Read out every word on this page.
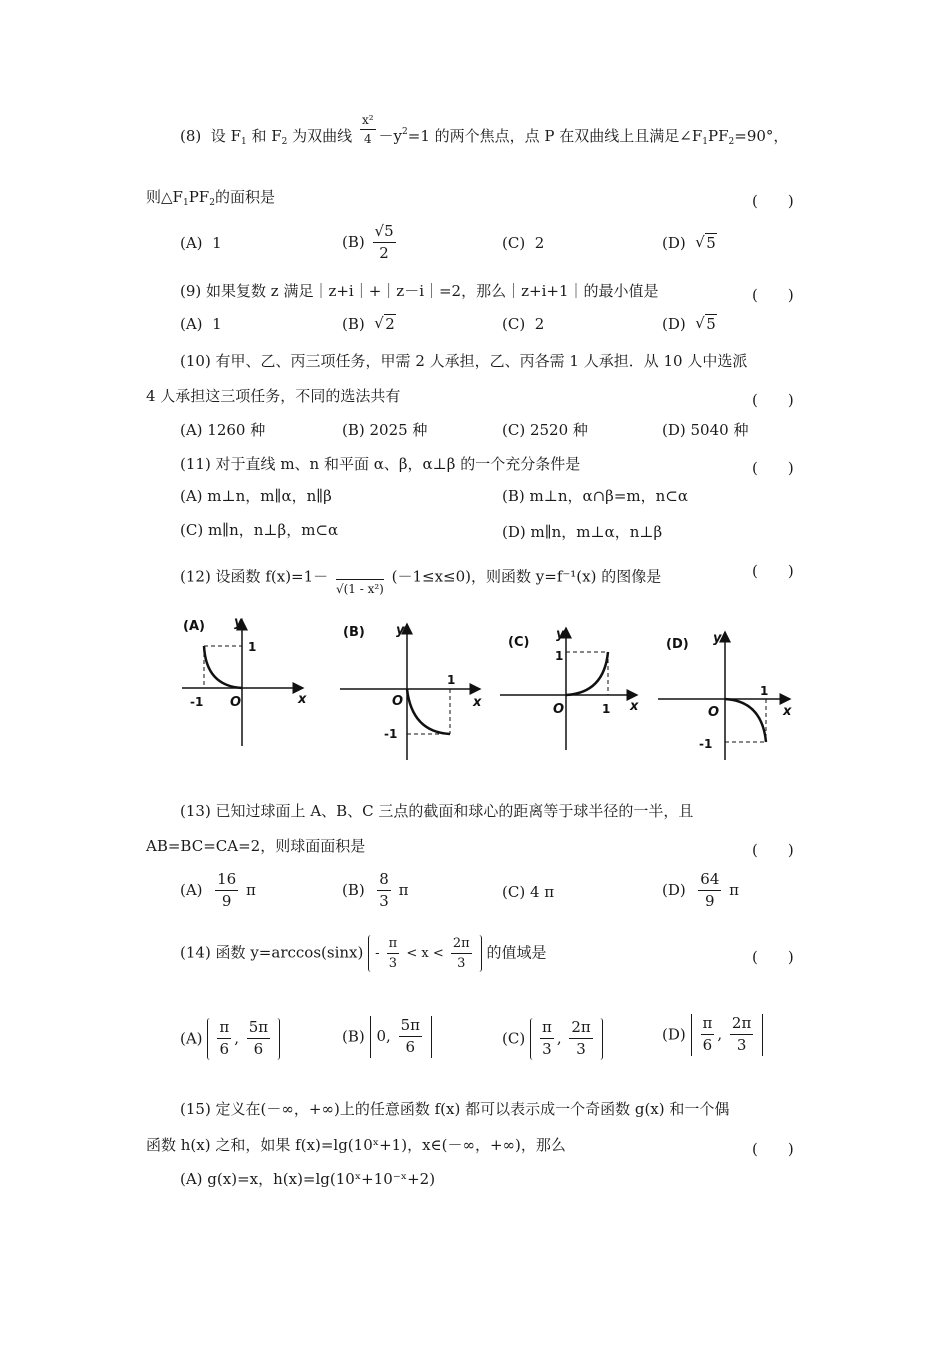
(8) 设 $F_1$ 和 $F_2$ 为双曲线 $\frac{\text{x²}}{4} -y^2=1$ 的两个焦点，点 P 在双曲线上且满足$\angle F_1PF_2=90^\circ$，
则$\triangle F_1PF_2$的面积是	(　　)
(A) 1	$(B) \frac{√5}{2}$	(C) 2	(D) √ 5
(9) 如果复数 z 满足｜z+i｜+｜z－i｜=2，那么｜z+i+1｜的最小值是	(　　)
(A) 1	(B) √ 2	(C) 2	(D) √ 5
(10) 有甲、乙、丙三项任务，甲需 2 人承担，乙、丙各需 1 人承担．从 10 人中选派
4 人承担这三项任务，不同的选法共有	(　　)
(A) 1260 种	(B) 2025 种	(C) 2520 种	(D) 5040 种
(11) 对于直线 m、n 和平面 α、β，α⊥β 的一个充分条件是	(　　)
(A) m⊥n，m∥α，n∥β	(B) m⊥n，α∩β=m，n⊂α
(C) m∥n，n⊥β，m⊂α	(D) m∥n，m⊥α，n⊥β
(12) 设函数 f(x)=1－

√(1 - x²)
(－1≤x≤0)，则函数 y=f⁻¹(x) 的图像是	(　　)
(A) y
x
O
1
-1
(B) y
x
O
1
-1
(C)
y
x
O
1
1
(D) y
x
O
1
-1
(13) 已知过球面上 A、B、C 三点的截面和球心的距离等于球半径的一半，且
AB=BC=CA=2，则球面面积是	(　　)
$(A) \frac{16}{9}$ π	$(B) \frac{8}{3}$ π	(C) 4 π	$(D) \frac{64}{9}$ π
(14) 函数 $y=\arccos(\sin x) - \frac{\pi}{3} < x < \frac{2\pi}{3}$ 的值域是	(　　)
$(A) \frac{\pi}{6}$ , $\frac{5\pi}{6}$	(B) 0, $\frac{5\pi}{6}$	$(C) \frac{\pi}{3}$ , $\frac{2\pi}{3}$	$(D) \frac{\pi}{6}$ , $\frac{2\pi}{3}$
(15) 定义在(－∞，+∞)上的任意函数 f(x) 都可以表示成一个奇函数 g(x) 和一个偶
函数 h(x) 之和，如果 f(x)=lg(10ˣ+1)，x∈(－∞，+∞)，那么	(　　)
(A) g(x)=x，h(x)=lg(10ˣ+10⁻ˣ+2)
